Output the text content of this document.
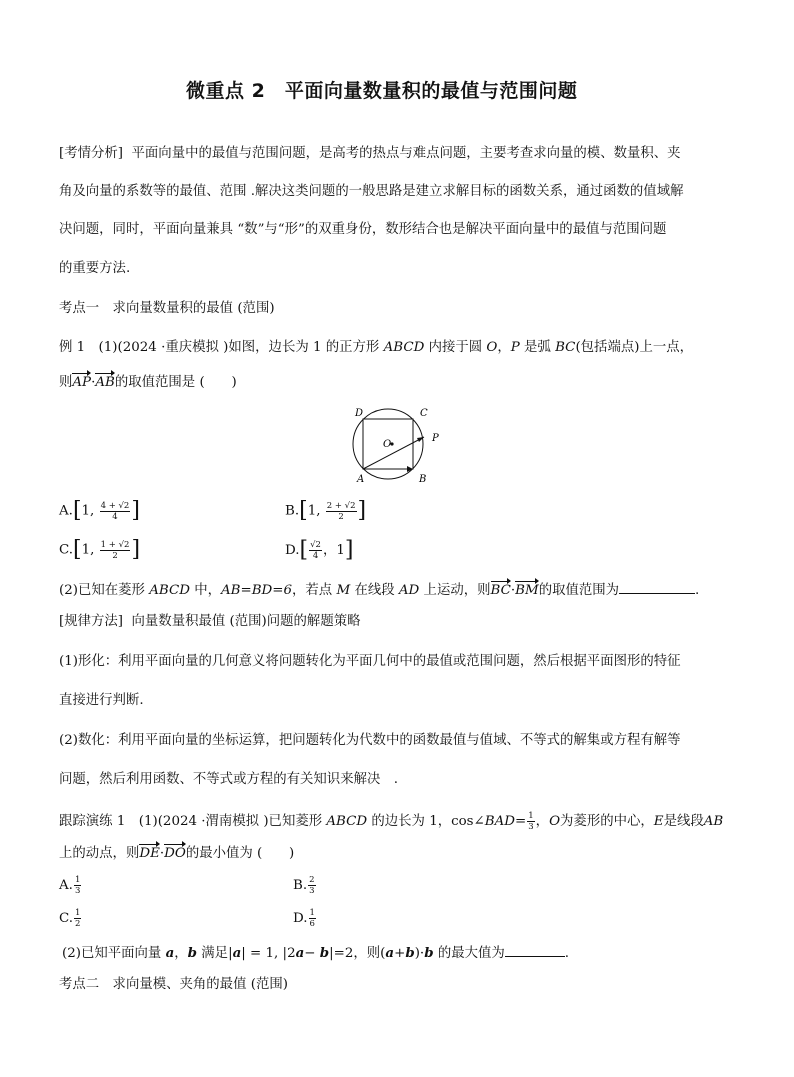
微重点 2　平面向量数量积的最值与范围问题
[考情分析] 平面向量中的最值与范围问题，是高考的热点与难点问题，主要考查求向量的模、数量积、夹
角及向量的系数等的最值、范围 .解决这类问题的一般思路是建立求解目标的函数关系，通过函数的值域解
决问题，同时，平面向量兼具 “数”与“形”的双重身份，数形结合也是解决平面向量中的最值与范围问题
的重要方法.
考点一　求向量数量积的最值 (范围)
例 1　(1)(2024 ·重庆模拟 )如图，边长为 1 的正方形 ABCD 内接于圆 O，P 是弧 BC(包括端点)上一点，
则AP·AB的取值范围是 (　　)
D	C
O
P
A	B
A.[1, $\frac{4 + √2}{4}$ ]	B.[1, $\frac{2 + √2}{2}$ ]
C.[1, $\frac{1 + √2}{2}$ ]	$D.[ \frac{√2}{4}$ ，1]
(2)已知在菱形 ABCD 中，AB=BD=6，若点 M 在线段 AD 上运动，则BC·BM的取值范围为	.
[规律方法] 向量数量积最值 (范围)问题的解题策略
(1)形化：利用平面向量的几何意义将问题转化为平面几何中的最值或范围问题，然后根据平面图形的特征
直接进行判断.
(2)数化：利用平面向量的坐标运算，把问题转化为代数中的函数最值与值域、不等式的解集或方程有解等
问题，然后利用函数、不等式或方程的有关知识来解决　.
跟踪演练 1　(1)(2024 ·渭南模拟 )已知菱形 ABCD 的边长为 1，cos∠BAD= $\frac{1}{3}$ ，O为菱形的中心，E是线段AB
上的动点，则DE·DO的最小值为 (　　)
A. $\frac{1}{3}$	B. $\frac{2}{3}$
C. $\frac{1}{2}$	D. $\frac{1}{6}$
(2)已知平面向量 a，b 满足|a| = 1, |2a− b|=2，则(a+b)·b 的最大值为	.
考点二　求向量模、夹角的最值 (范围)
